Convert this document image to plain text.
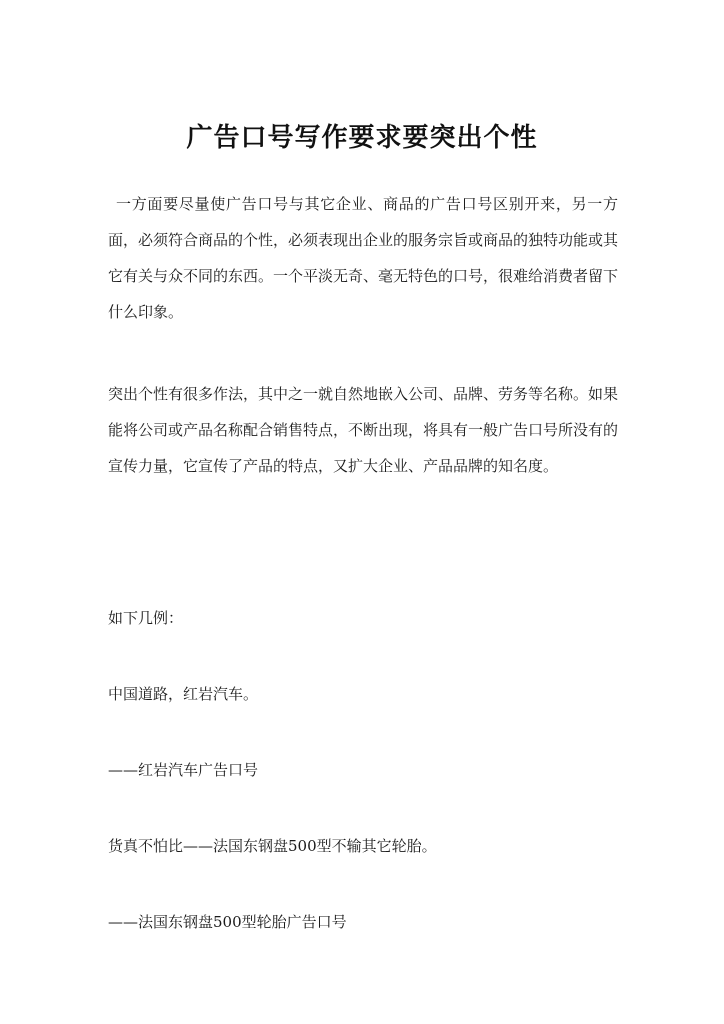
广告口号写作要求要突出个性

一方面要尽量使广告口号与其它企业、商品的广告口号区别开来，另一方面，必须符合商品的个性，必须表现出企业的服务宗旨或商品的独特功能或其它有关与众不同的东西。一个平淡无奇、毫无特色的口号，很难给消费者留下什么印象。

突出个性有很多作法，其中之一就自然地嵌入公司、品牌、劳务等名称。如果能将公司或产品名称配合销售特点，不断出现，将具有一般广告口号所没有的宣传力量，它宣传了产品的特点，又扩大企业、产品品牌的知名度。

如下几例：

中国道路，红岩汽车。

——红岩汽车广告口号

货真不怕比——法国东钢盘500型不输其它轮胎。

——法国东钢盘500型轮胎广告口号
